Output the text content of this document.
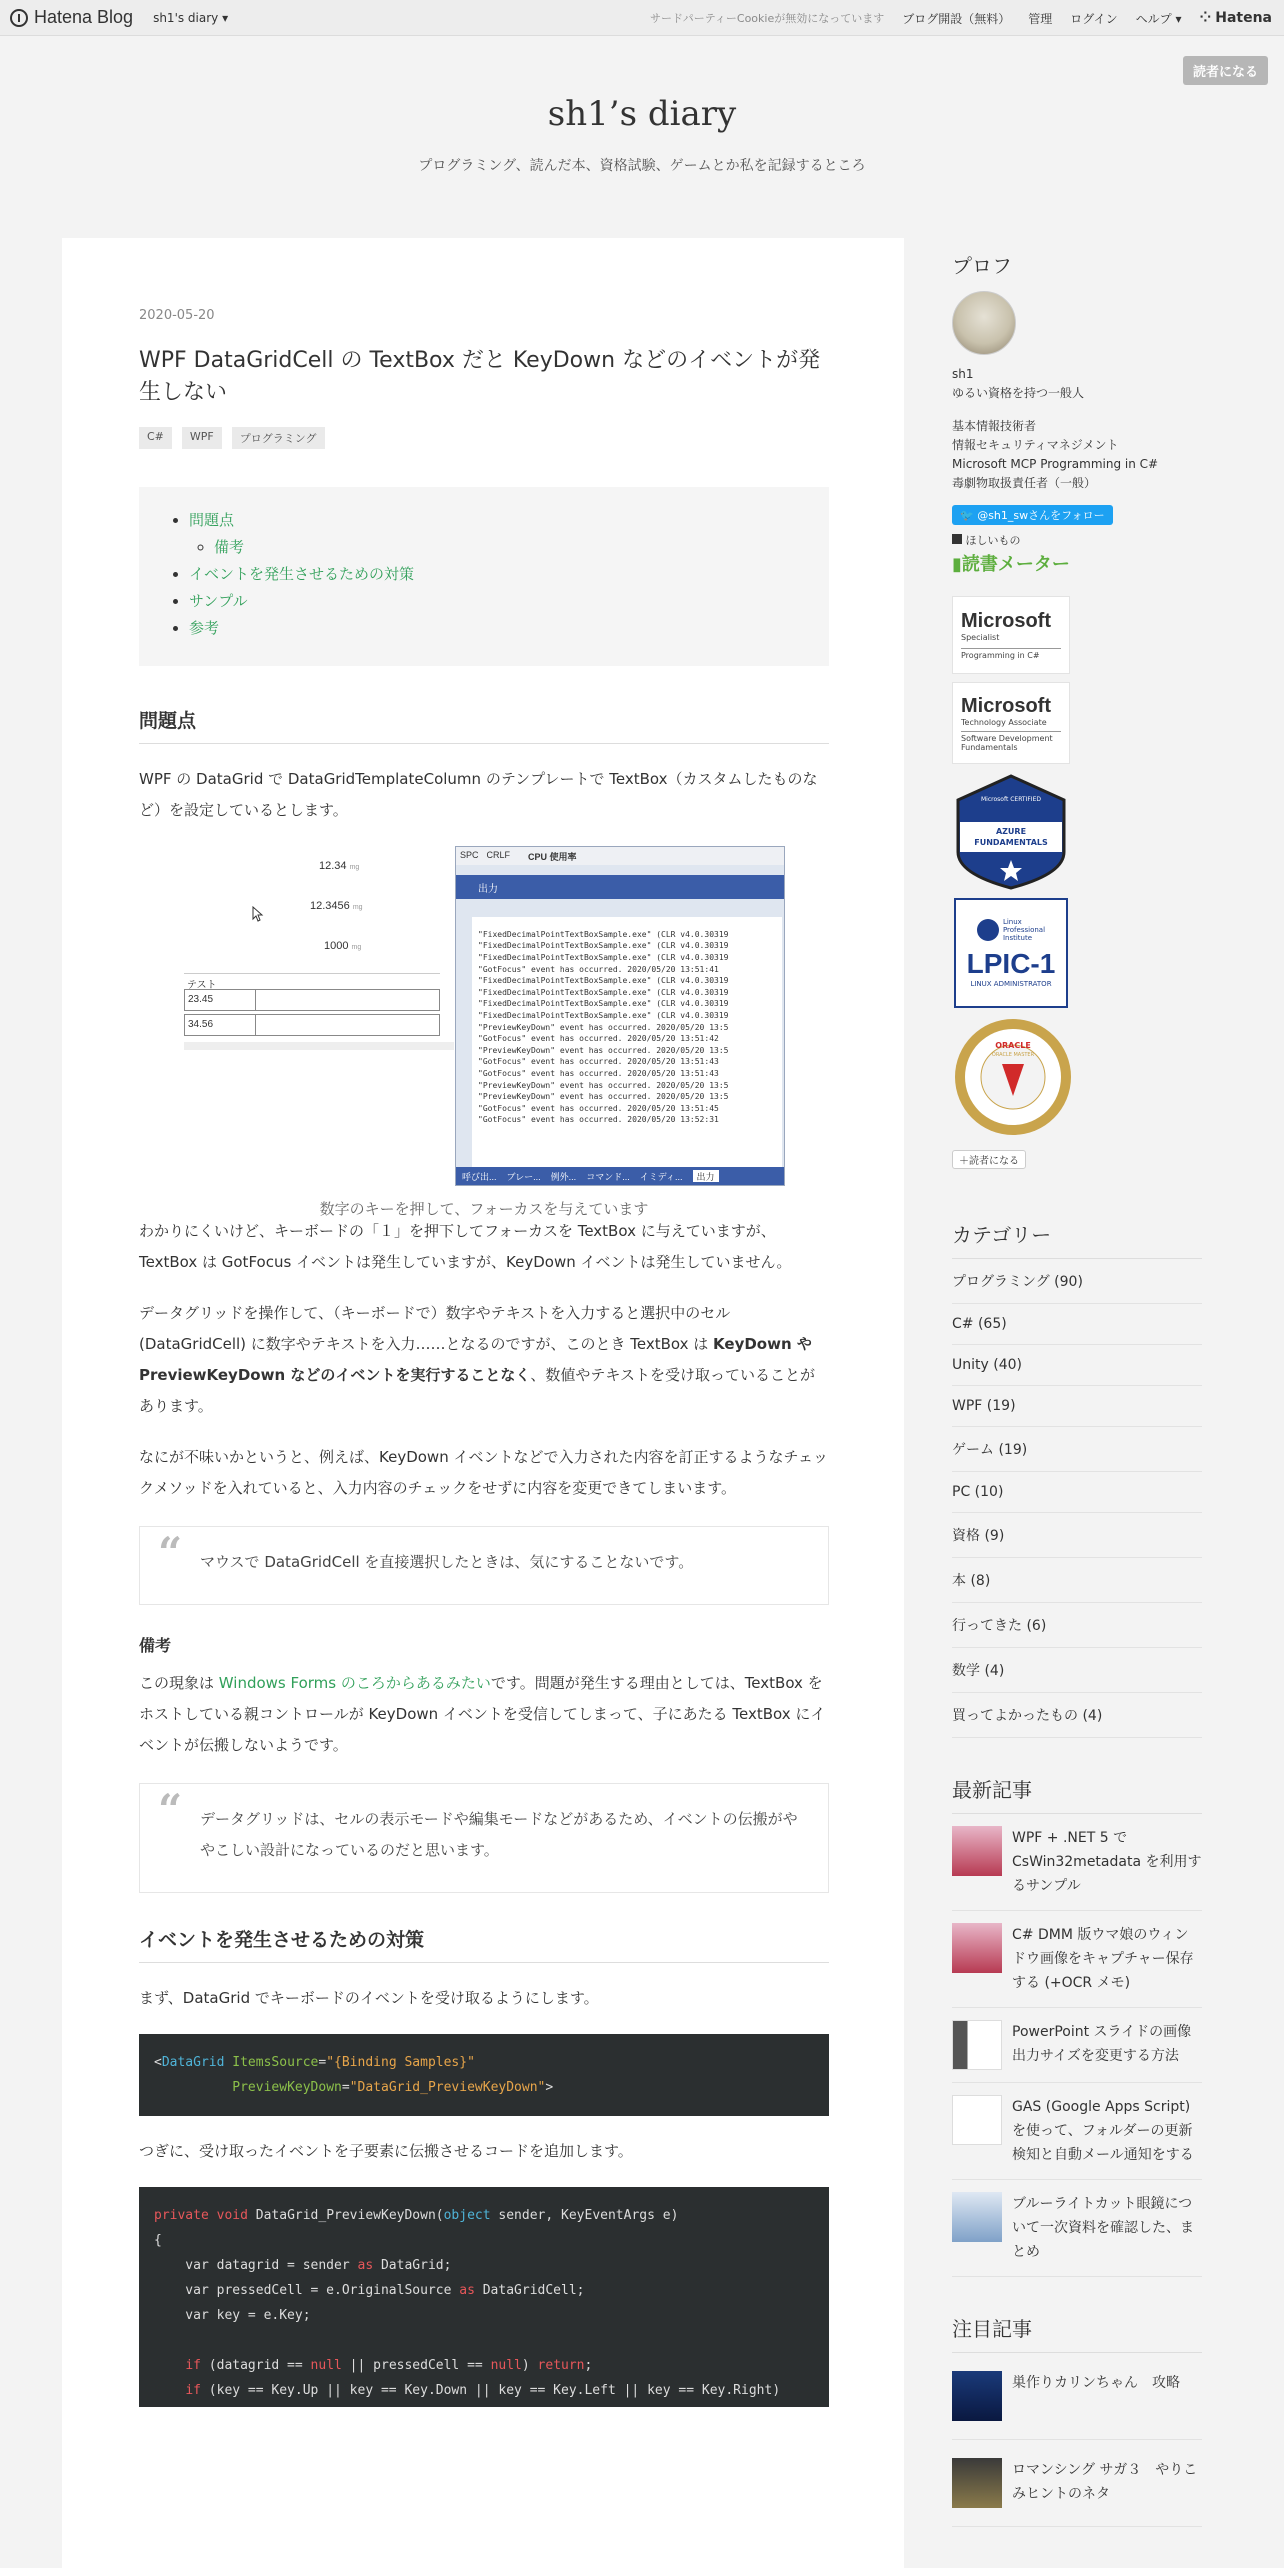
Hatena Blog sh1's diary ▾	サードパーティーCookieが無効になっています ブログ開設（無料） 管理 ログイン ヘルプ ▾ ⁘ Hatena
読者になる
sh1’s diary
プログラミング、読んだ本、資格試験、ゲームとか私を記録するところ
2020-05-20
WPF DataGridCell の TextBox だと KeyDown などのイベントが発生しない
C#	WPF	プログラミング
• 問題点
◦ 備考
• イベントを発生させるための対策
• サンプル
• 参考
問題点

WPF の DataGrid で DataGridTemplateColumn のテンプレートで TextBox（カスタムしたものなど）を設定しているとします。

12.34 mg
12.3456 mg
1000 mg
テスト
23.45
34.56
SPC CRLF CPU 使用率
出力
"FixedDecimalPointTextBoxSample.exe" (CLR v4.0.30319
"FixedDecimalPointTextBoxSample.exe" (CLR v4.0.30319
"FixedDecimalPointTextBoxSample.exe" (CLR v4.0.30319
"GotFocus" event has occurred. 2020/05/20 13:51:41
"FixedDecimalPointTextBoxSample.exe" (CLR v4.0.30319
"FixedDecimalPointTextBoxSample.exe" (CLR v4.0.30319
"FixedDecimalPointTextBoxSample.exe" (CLR v4.0.30319
"FixedDecimalPointTextBoxSample.exe" (CLR v4.0.30319
"PreviewKeyDown" event has occurred. 2020/05/20 13:5
"GotFocus" event has occurred. 2020/05/20 13:51:42
"PreviewKeyDown" event has occurred. 2020/05/20 13:5
"GotFocus" event has occurred. 2020/05/20 13:51:43
"GotFocus" event has occurred. 2020/05/20 13:51:43
"PreviewKeyDown" event has occurred. 2020/05/20 13:5
"PreviewKeyDown" event has occurred. 2020/05/20 13:5
"GotFocus" event has occurred. 2020/05/20 13:51:45
"GotFocus" event has occurred. 2020/05/20 13:52:31
呼び出... ブレー... 例外... コマンド... イミディ...	出力
数字のキーを押して、フォーカスを与えています

わかりにくいけど、キーボードの「１」を押下してフォーカスを TextBox に与えていますが、TextBox は GotFocus イベントは発生していますが、KeyDown イベントは発生していません。

データグリッドを操作して、（キーボードで）数字やテキストを入力すると選択中のセル (DataGridCell) に数字やテキストを入力……となるのですが、このとき TextBox は KeyDown や PreviewKeyDown などのイベントを実行することなく、数値やテキストを受け取っていることがあります。

なにが不味いかというと、例えば、KeyDown イベントなどで入力された内容を訂正するようなチェックメソッドを入れていると、入力内容のチェックをせずに内容を変更できてしまいます。

“ マウスで DataGridCell を直接選択したときは、気にすることないです。
備考

この現象は Windows Forms のころからあるみたいです。問題が発生する理由としては、TextBox をホストしている親コントロールが KeyDown イベントを受信してしまって、子にあたる TextBox にイベントが伝搬しないようです。

“ データグリッドは、セルの表示モードや編集モードなどがあるため、イベントの伝搬がややこしい設計になっているのだと思います。
イベントを発生させるための対策

まず、DataGrid でキーボードのイベントを受け取るようにします。

<DataGrid ItemsSource="{Binding Samples}"
PreviewKeyDown="DataGrid_PreviewKeyDown">

つぎに、受け取ったイベントを子要素に伝搬させるコードを追加します。

private void DataGrid_PreviewKeyDown(object sender, KeyEventArgs e)
{
var datagrid = sender as DataGrid;
var pressedCell = e.OriginalSource as DataGridCell;
var key = e.Key;

if (datagrid == null || pressedCell == null) return;
if (key == Key.Up || key == Key.Down || key == Key.Left || key == Key.Right)
プロフ
sh1
ゆるい資格を持つ一般人
基本情報技術者
情報セキュリティマネジメント
Microsoft MCP Programming in C#
毒劇物取扱責任者（一般）
🐦 @sh1_swさんをフォロー
ほしいもの
▮読書メーター
Microsoft
Specialist
Programming in C#
Microsoft
Technology Associate
Software Development Fundamentals
Microsoft CERTIFIED
AZURE FUNDAMENTALS
Linux
Professional
Institute
LPIC-1
LINUX ADMINISTRATOR
ORACLE
ORACLE MASTER
＋読者になる
カテゴリー
プログラミング (90)
C# (65)
Unity (40)
WPF (19)
ゲーム (19)
PC (10)
資格 (9)
本 (8)
行ってきた (6)
数学 (4)
買ってよかったもの (4)
最新記事
WPF + .NET 5 で CsWin32metadata を利用するサンプル
C# DMM 版ウマ娘のウィンドウ画像をキャプチャー保存する (+OCR メモ)
PowerPoint スライドの画像出力サイズを変更する方法
GAS (Google Apps Script) を使って、フォルダーの更新検知と自動メール通知をする
ブルーライトカット眼鏡について一次資料を確認した、まとめ
注目記事
巣作りカリンちゃん　攻略
ロマンシング サガ３　やりこみヒントのネタ
